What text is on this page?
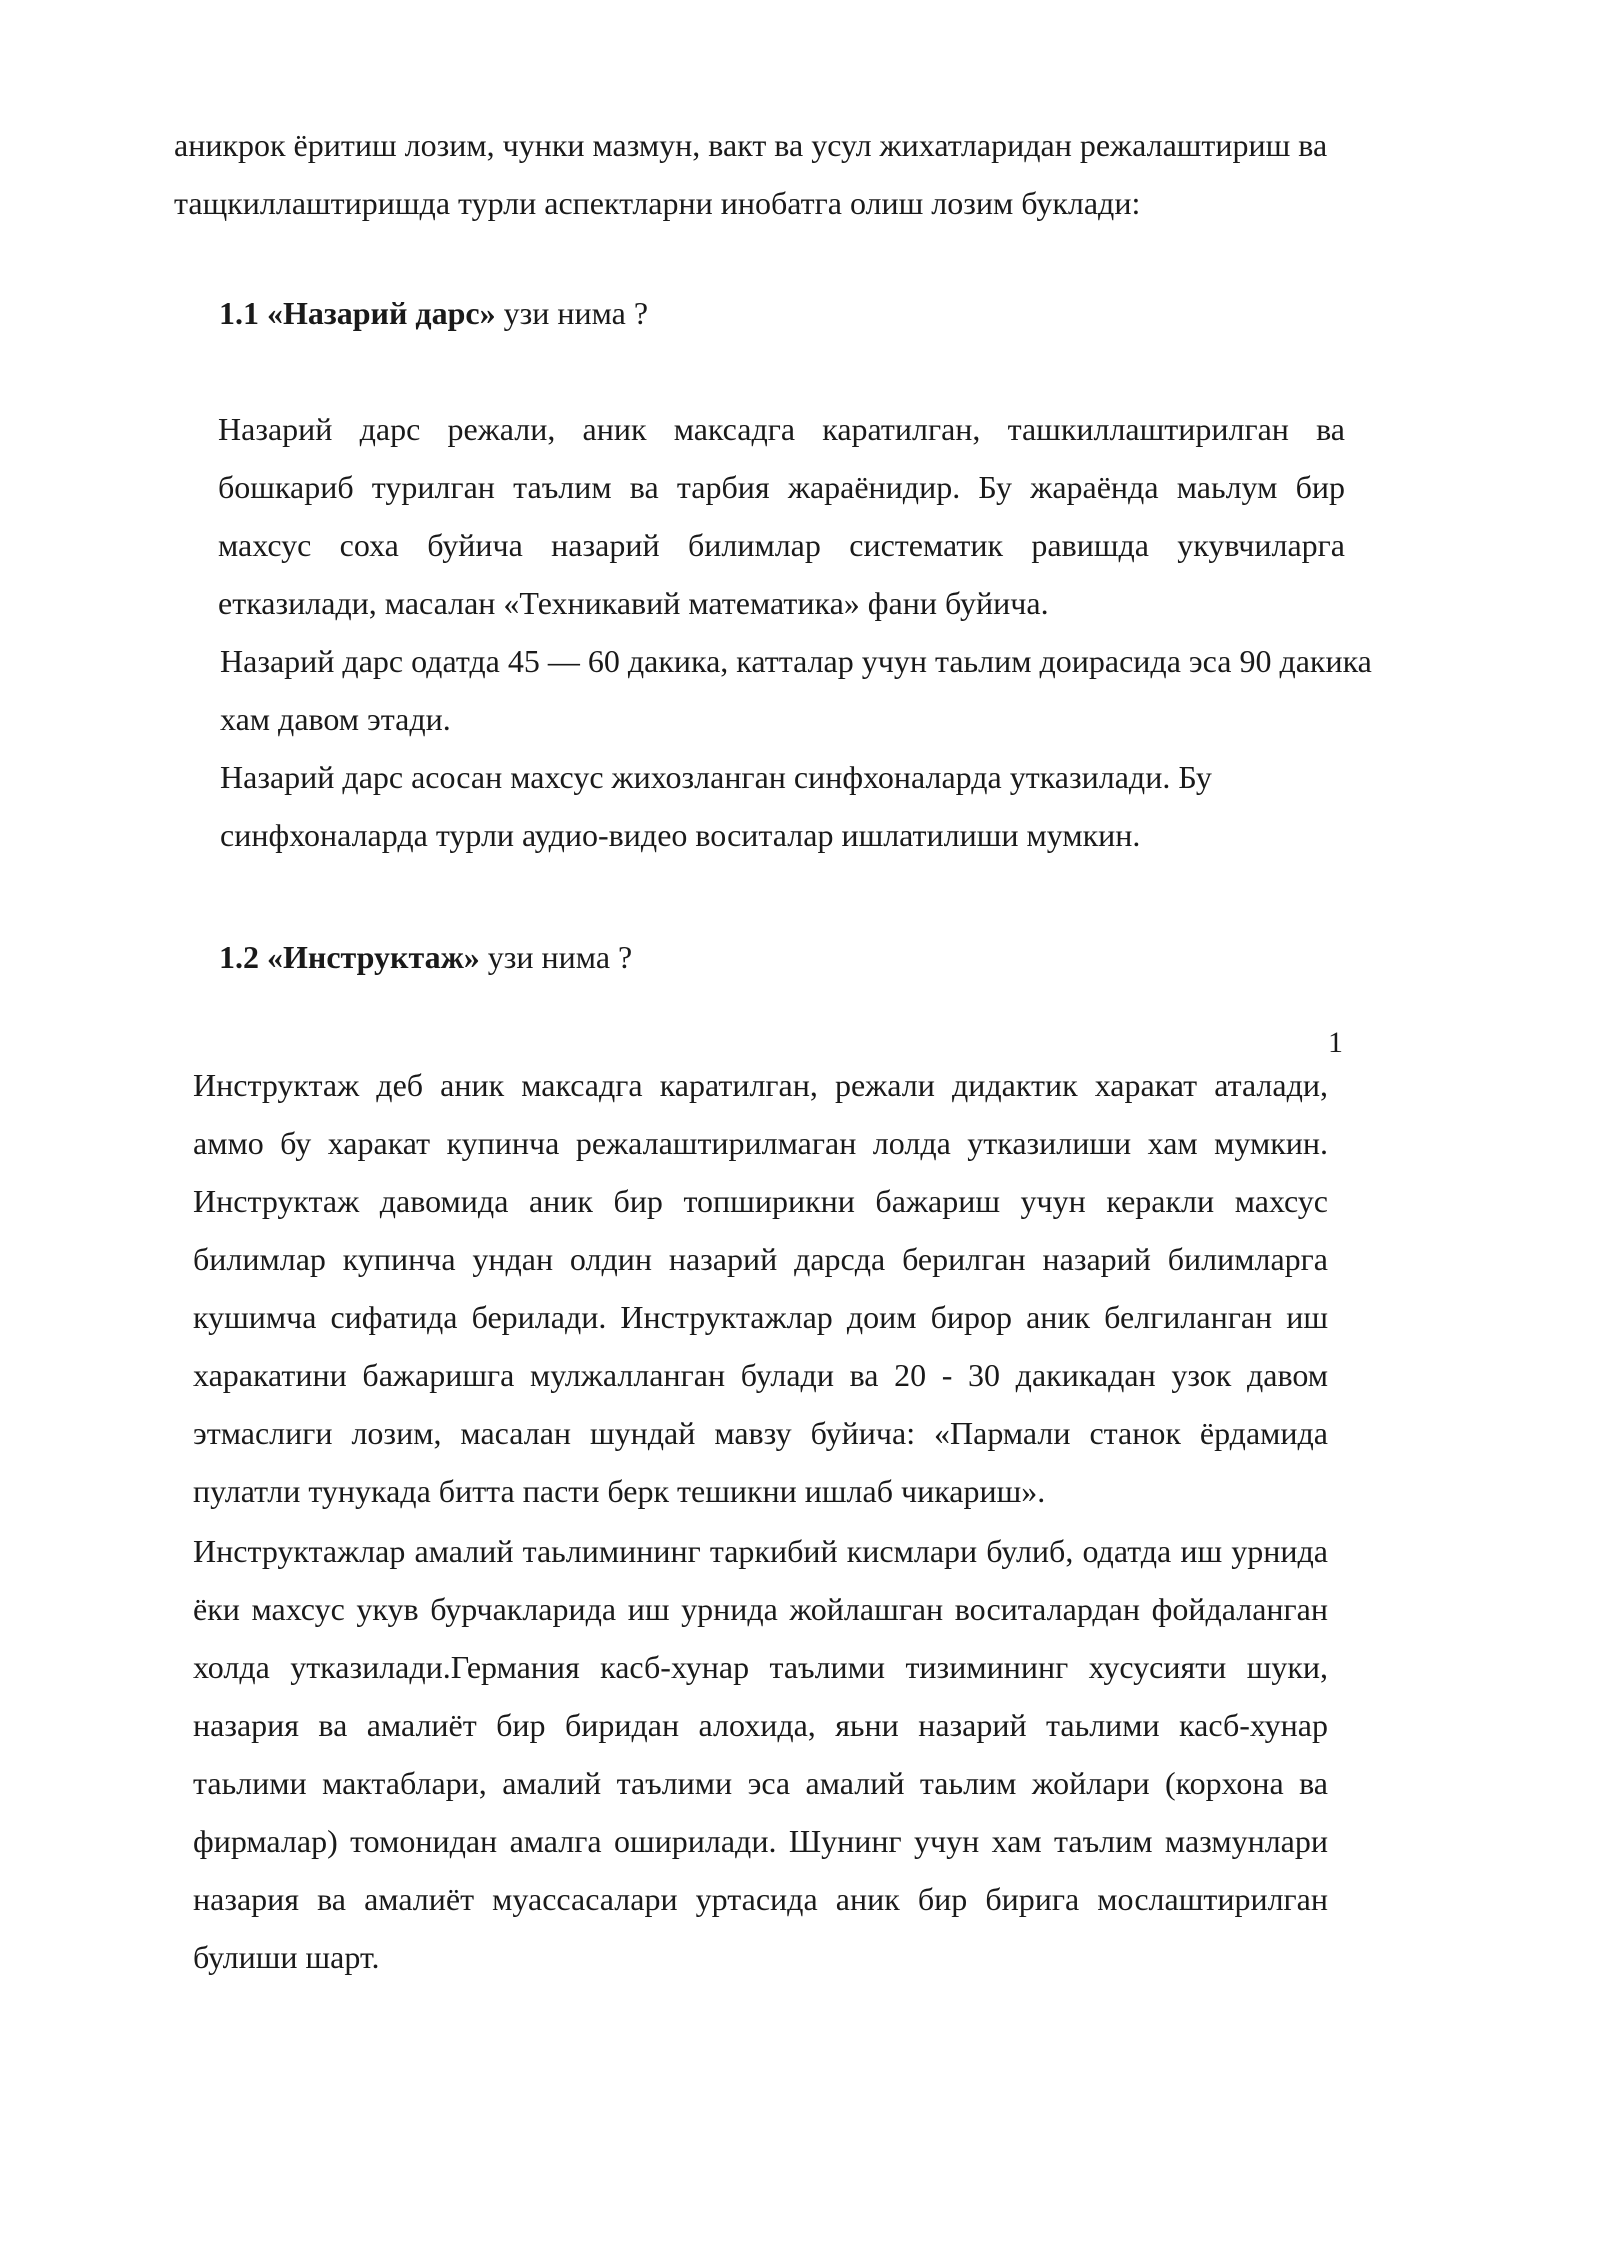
аникрок ёритиш лозим, чунки мазмун, вакт ва усул жихатларидан режалаштириш ва тащкиллаштиришда турли аспектларни инобатга олиш лозим буклади:

1.1 «Назарий дарс» узи нима ?

Назарий дарс режали, аник максадга каратилган, ташкиллаштирилган ва бошкариб турилган таълим ва тарбия жараёнидир. Бу жараёнда маьлум бир махсус соха буйича назарий билимлар систематик равишда укувчиларга етказилади, масалан «Техникавий математика» фани буйича.

Назарий дарс одатда 45 — 60 дакика, катталар учун таьлим доирасида эса 90 дакика хам давом этади.

Назарий дарс асосан махсус жихозланган синфхоналарда утказилади. Бу синфхоналарда турли аудио-видео воситалар ишлатилиши мумкин.

1.2 «Инструктаж» узи нима ?

1

Инструктаж деб аник максадга каратилган, режали дидактик харакат аталади, аммо бу харакат купинча режалаштирилмаган лолда утказилиши хам мумкин. Инструктаж давомида аник бир топширикни бажариш учун керакли махсус билимлар купинча ундан олдин назарий дарсда берилган назарий билимларга кушимча сифатида берилади. Инструктажлар доим бирор аник белгиланган иш харакатини бажаришга мулжалланган булади ва 20 - 30 дакикадан узок давом этмаслиги лозим, масалан шундай мавзу буйича: «Пармали станок ёрдамида пулатли тунукада битта пасти берк тешикни ишлаб чикариш».

Инструктажлар амалий таьлимининг таркибий кисмлари булиб, одатда иш урнида ёки махсус укув бурчакларида иш урнида жойлашган воситалардан фойдаланган холда утказилади.Германия касб-хунар таълими тизимининг хусусияти шуки, назария ва амалиёт бир биридан алохида, яьни назарий таьлими касб-хунар таьлими мактаблари, амалий таълими эса амалий таьлим жойлари (корхона ва фирмалар) томонидан амалга оширилади. Шунинг учун хам таълим мазмунлари назария ва амалиёт муассасалари уртасида аник бир бирига мослаштирилган булиши шарт.
